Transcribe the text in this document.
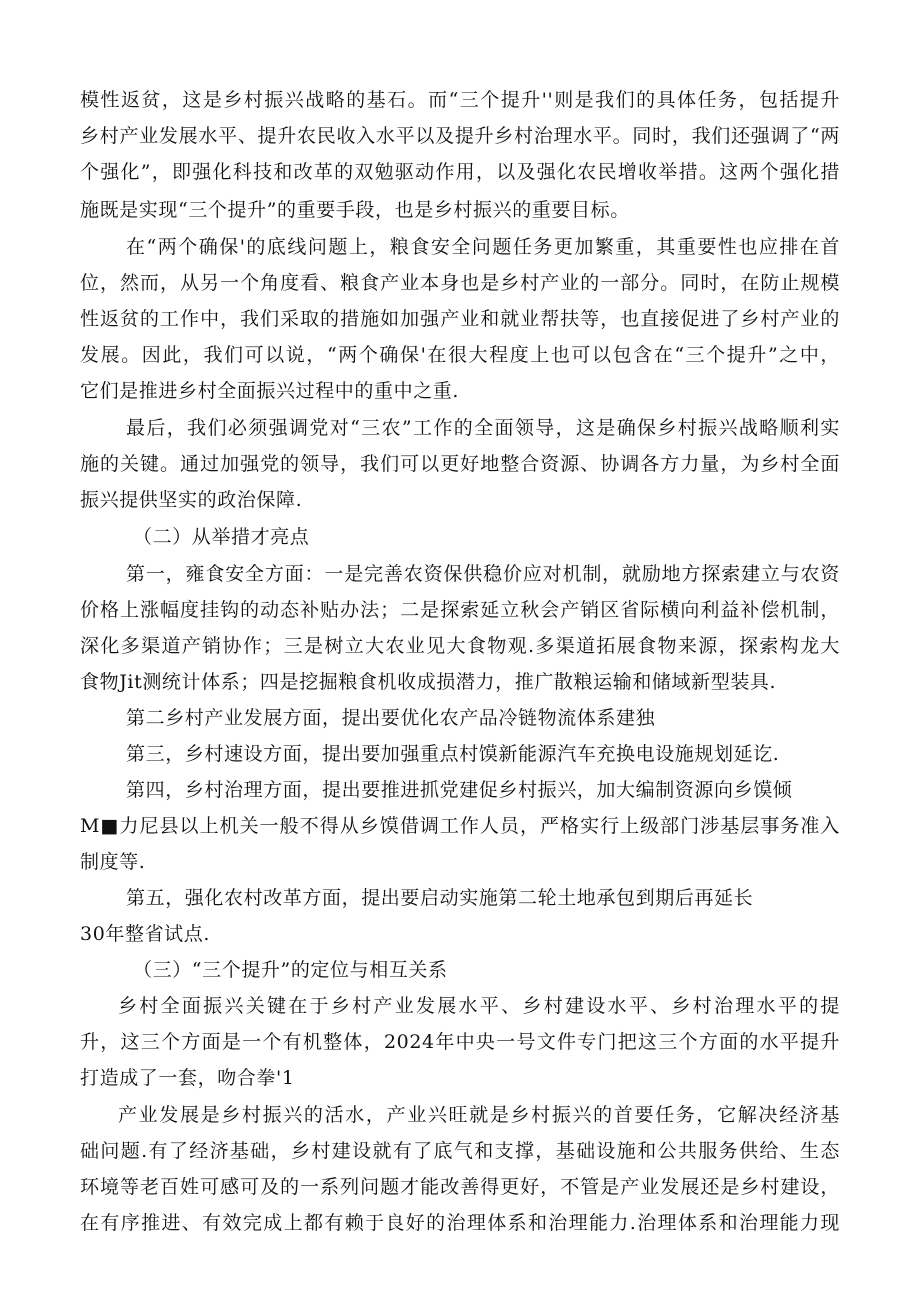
模性返贫，这是乡村振兴战略的基石。而“三个提升''则是我们的具体任务，包括提升
乡村产业发展水平、提升农民收入水平以及提升乡村治理水平。同时，我们还强调了“两
个强化”，即强化科技和改革的双勉驱动作用，以及强化农民增收举措。这两个强化措
施既是实现“三个提升”的重要手段，也是乡村振兴的重要目标。
在“两个确保'的底线问题上，粮食安全问题任务更加繁重，其重要性也应排在首
位，然而，从另一个角度看、粮食产业本身也是乡村产业的一部分。同时，在防止规模
性返贫的工作中，我们采取的措施如加强产业和就业帮扶等，也直接促进了乡村产业的
发展。因此，我们可以说，“两个确保'在很大程度上也可以包含在“三个提升”之中，
它们是推进乡村全面振兴过程中的重中之重.
最后，我们必须强调党对“三农”工作的全面领导，这是确保乡村振兴战略顺利实
施的关键。通过加强党的领导，我们可以更好地整合资源、协调各方力量，为乡村全面
振兴提供坚实的政治保障.
（二）从举措才亮点
第一，雍食安全方面：一是完善农资保供稳价应对机制，就励地方探索建立与农资
价格上涨幅度挂钩的动态补贴办法；二是探索延立秋会产销区省际横向利益补偿机制，
深化多渠道产销协作；三是树立大农业见大食物观.多渠道拓展食物来源，探索构龙大
食物Jit测统计体系；四是挖掘粮食机收成损潜力，推广散粮运输和储域新型装具.
第二乡村产业发展方面，提出要优化农产品冷链物流体系建独
第三，乡村速设方面，提出要加强重点村馍新能源汽车充换电设施规划延讫.
第四，乡村治理方面，提出要推进抓党建促乡村振兴，加大编制资源向乡馍倾
M■力尼县以上机关一般不得从乡馍借调工作人员，严格实行上级部门涉基层事务准入
制度等.
第五，强化农村改革方面，提出要启动实施第二轮土地承包到期后再延长
30年整省试点.
（三）“三个提升”的定位与相互关系
乡村全面振兴关键在于乡村产业发展水平、乡村建设水平、乡村治理水平的提
升，这三个方面是一个有机整体，2024年中央一号文件专门把这三个方面的水平提升
打造成了一套，吻合拳'1
产业发展是乡村振兴的活水，产业兴旺就是乡村振兴的首要任务，它解决经济基
础问题.有了经济基础，乡村建设就有了底气和支撑，基础设施和公共服务供给、生态
环境等老百姓可感可及的一系列问题才能改善得更好，不管是产业发展还是乡村建设，
在有序推进、有效完成上都有赖于良好的治理体系和治理能力.治理体系和治理能力现
